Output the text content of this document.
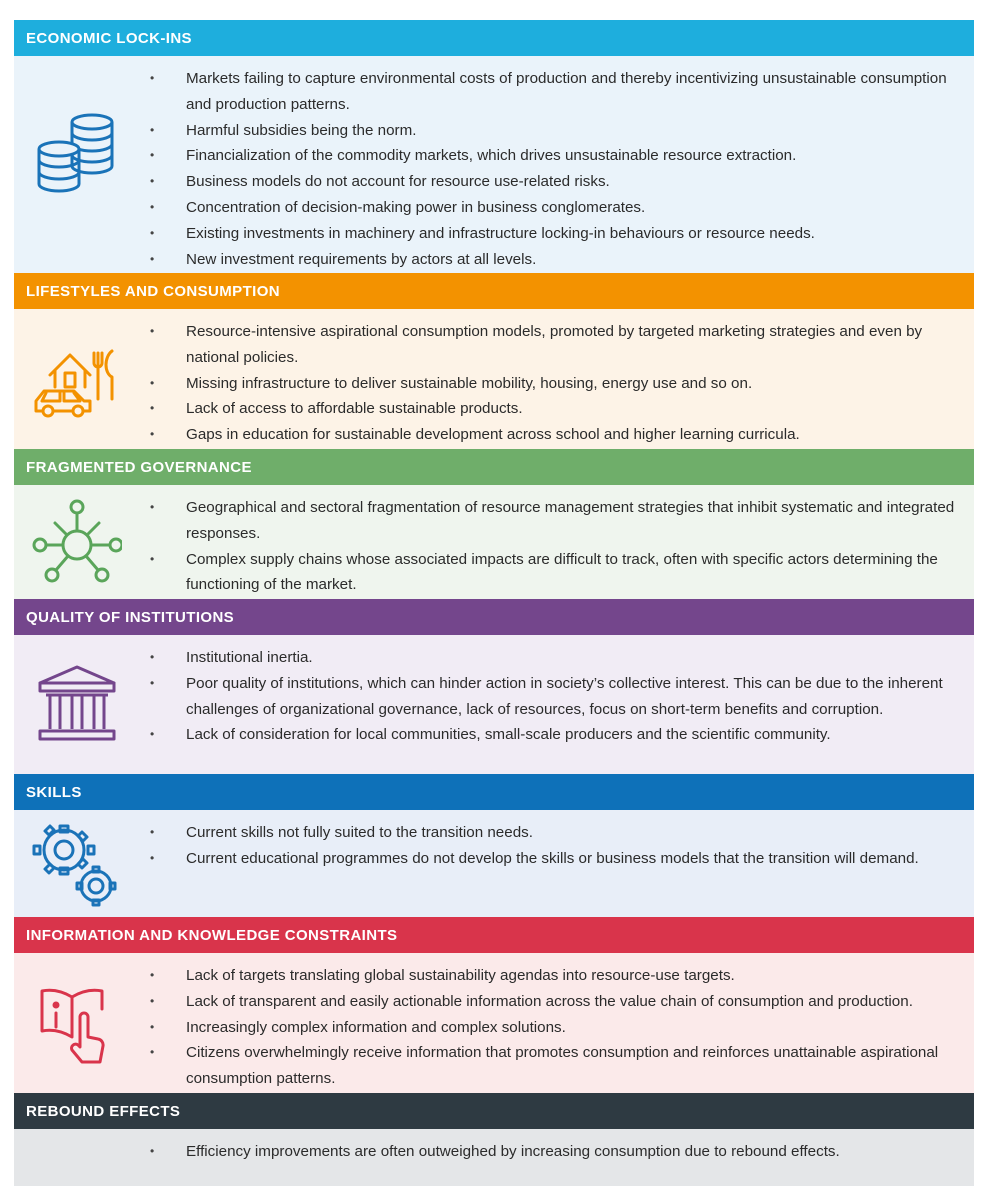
ECONOMIC LOCK-INS
• Markets failing to capture environmental costs of production and thereby incentivizing unsustainable consumption and production patterns.
• Harmful subsidies being the norm.
• Financialization of the commodity markets, which drives unsustainable resource extraction.
• Business models do not account for resource use-related risks.
• Concentration of decision-making power in business conglomerates.
• Existing investments in machinery and infrastructure locking-in behaviours or resource needs.
• New investment requirements by actors at all levels.
LIFESTYLES AND CONSUMPTION
• Resource-intensive aspirational consumption models, promoted by targeted marketing strategies and even by national policies.
• Missing infrastructure to deliver sustainable mobility, housing, energy use and so on.
• Lack of access to affordable sustainable products.
• Gaps in education for sustainable development across school and higher learning curricula.
FRAGMENTED GOVERNANCE
• Geographical and sectoral fragmentation of resource management strategies that inhibit systematic and integrated responses.
• Complex supply chains whose associated impacts are difficult to track, often with specific actors determining the functioning of the market.
QUALITY OF INSTITUTIONS
• Institutional inertia.
• Poor quality of institutions, which can hinder action in society’s collective interest. This can be due to the inherent challenges of organizational governance, lack of resources, focus on short-term benefits and corruption.
• Lack of consideration for local communities, small-scale producers and the scientific community.
SKILLS
• Current skills not fully suited to the transition needs.
• Current educational programmes do not develop the skills or business models that the transition will demand.
INFORMATION AND KNOWLEDGE CONSTRAINTS
• Lack of targets translating global sustainability agendas into resource-use targets.
• Lack of transparent and easily actionable information across the value chain of consumption and production.
• Increasingly complex information and complex solutions.
• Citizens overwhelmingly receive information that promotes consumption and reinforces unattainable aspirational consumption patterns.
REBOUND EFFECTS
• Efficiency improvements are often outweighed by increasing consumption due to rebound effects.
